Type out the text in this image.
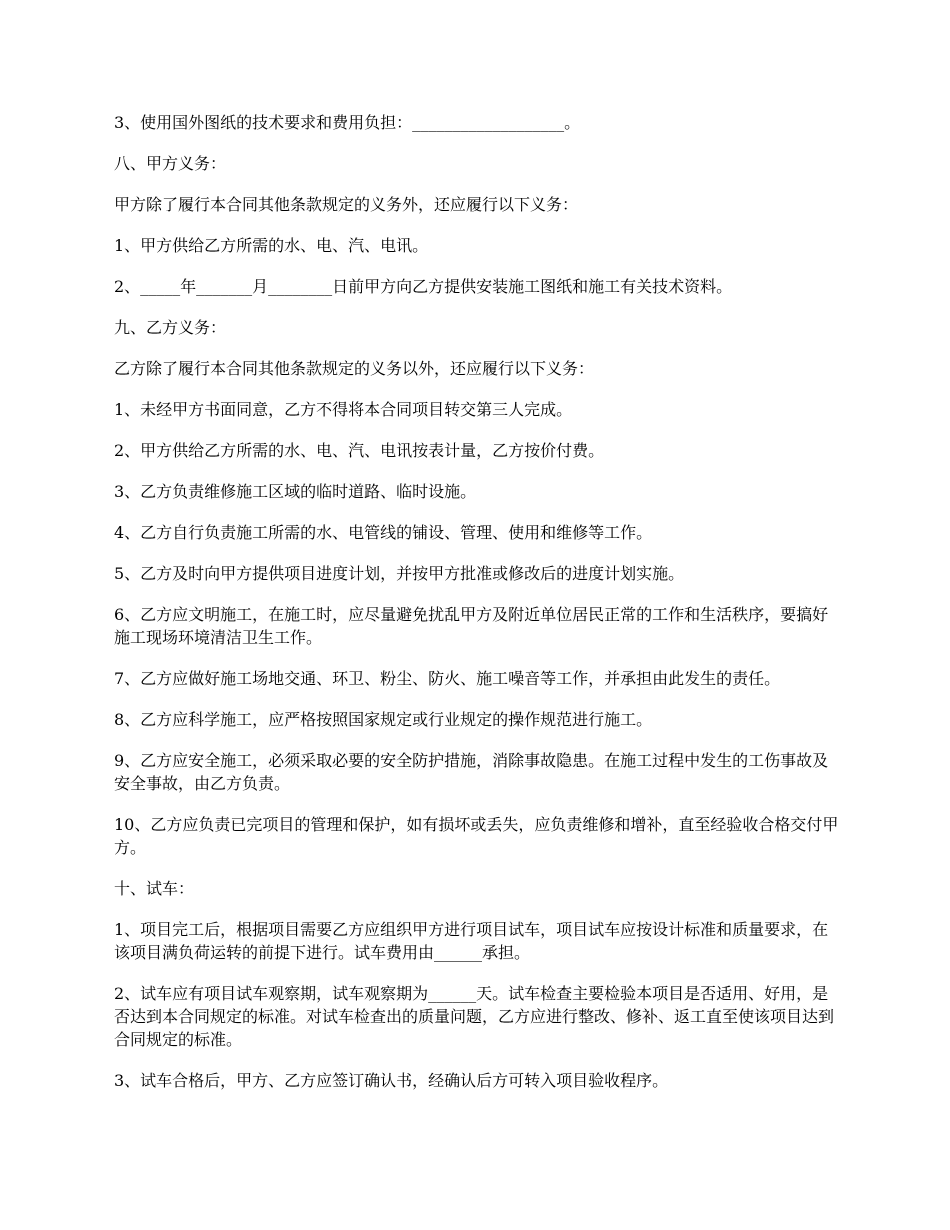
3、使用国外图纸的技术要求和费用负担：___________________。

八、甲方义务：

甲方除了履行本合同其他条款规定的义务外，还应履行以下义务：

1、甲方供给乙方所需的水、电、汽、电讯。

2、_____年_______月________日前甲方向乙方提供安装施工图纸和施工有关技术资料。

九、乙方义务：

乙方除了履行本合同其他条款规定的义务以外，还应履行以下义务：

1、未经甲方书面同意，乙方不得将本合同项目转交第三人完成。

2、甲方供给乙方所需的水、电、汽、电讯按表计量，乙方按价付费。

3、乙方负责维修施工区域的临时道路、临时设施。

4、乙方自行负责施工所需的水、电管线的铺设、管理、使用和维修等工作。

5、乙方及时向甲方提供项目进度计划，并按甲方批准或修改后的进度计划实施。

6、乙方应文明施工，在施工时，应尽量避免扰乱甲方及附近单位居民正常的工作和生活秩序，要搞好施工现场环境清洁卫生工作。

7、乙方应做好施工场地交通、环卫、粉尘、防火、施工噪音等工作，并承担由此发生的责任。

8、乙方应科学施工，应严格按照国家规定或行业规定的操作规范进行施工。

9、乙方应安全施工，必须采取必要的安全防护措施，消除事故隐患。在施工过程中发生的工伤事故及安全事故，由乙方负责。

10、乙方应负责已完项目的管理和保护，如有损坏或丢失，应负责维修和增补，直至经验收合格交付甲方。

十、试车：

1、项目完工后，根据项目需要乙方应组织甲方进行项目试车，项目试车应按设计标准和质量要求，在该项目满负荷运转的前提下进行。试车费用由______承担。

2、试车应有项目试车观察期，试车观察期为______天。试车检查主要检验本项目是否适用、好用，是否达到本合同规定的标准。对试车检查出的质量问题，乙方应进行整改、修补、返工直至使该项目达到合同规定的标准。

3、试车合格后，甲方、乙方应签订确认书，经确认后方可转入项目验收程序。
